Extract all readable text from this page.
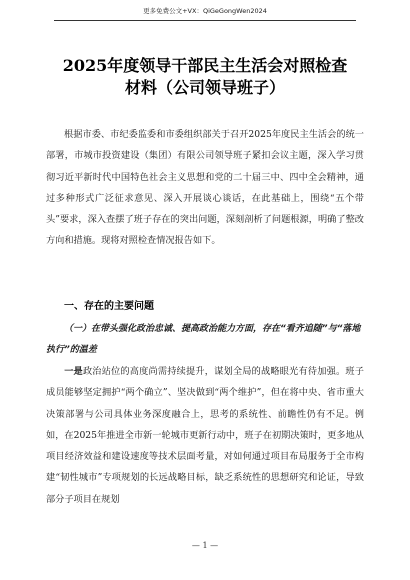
更多免费公文+VX：QiGeGongWen2024
2025年度领导干部民主生活会对照检查
材料（公司领导班子）
根据市委、市纪委监委和市委组织部关于召开2025年度民主生活会的统一部署，市城市投资建设（集团）有限公司领导班子紧扣会议主题，深入学习贯彻习近平新时代中国特色社会主义思想和党的二十届三中、四中全会精神，通过多种形式广泛征求意见、深入开展谈心谈话，在此基础上，围绕“五个带头”要求，深入查摆了班子存在的突出问题，深刻剖析了问题根源，明确了整改方向和措施。现将对照检查情况报告如下。
一、存在的主要问题
（一）在带头强化政治忠诚、提高政治能力方面，存在“看齐追随”与“落地执行”的温差
一是政治站位的高度尚需持续提升，谋划全局的战略眼光有待加强。班子成员能够坚定拥护“两个确立”、坚决做到“两个维护”，但在将中央、省市重大决策部署与公司具体业务深度融合上，思考的系统性、前瞻性仍有不足。例如，在2025年推进全市新一轮城市更新行动中，班子在初期决策时，更多地从项目经济效益和建设速度等技术层面考量，对如何通过项目布局服务于全市构建“韧性城市”专项规划的长远战略目标，缺乏系统性的思想研究和论证，导致部分子项目在规划
— 1 —
